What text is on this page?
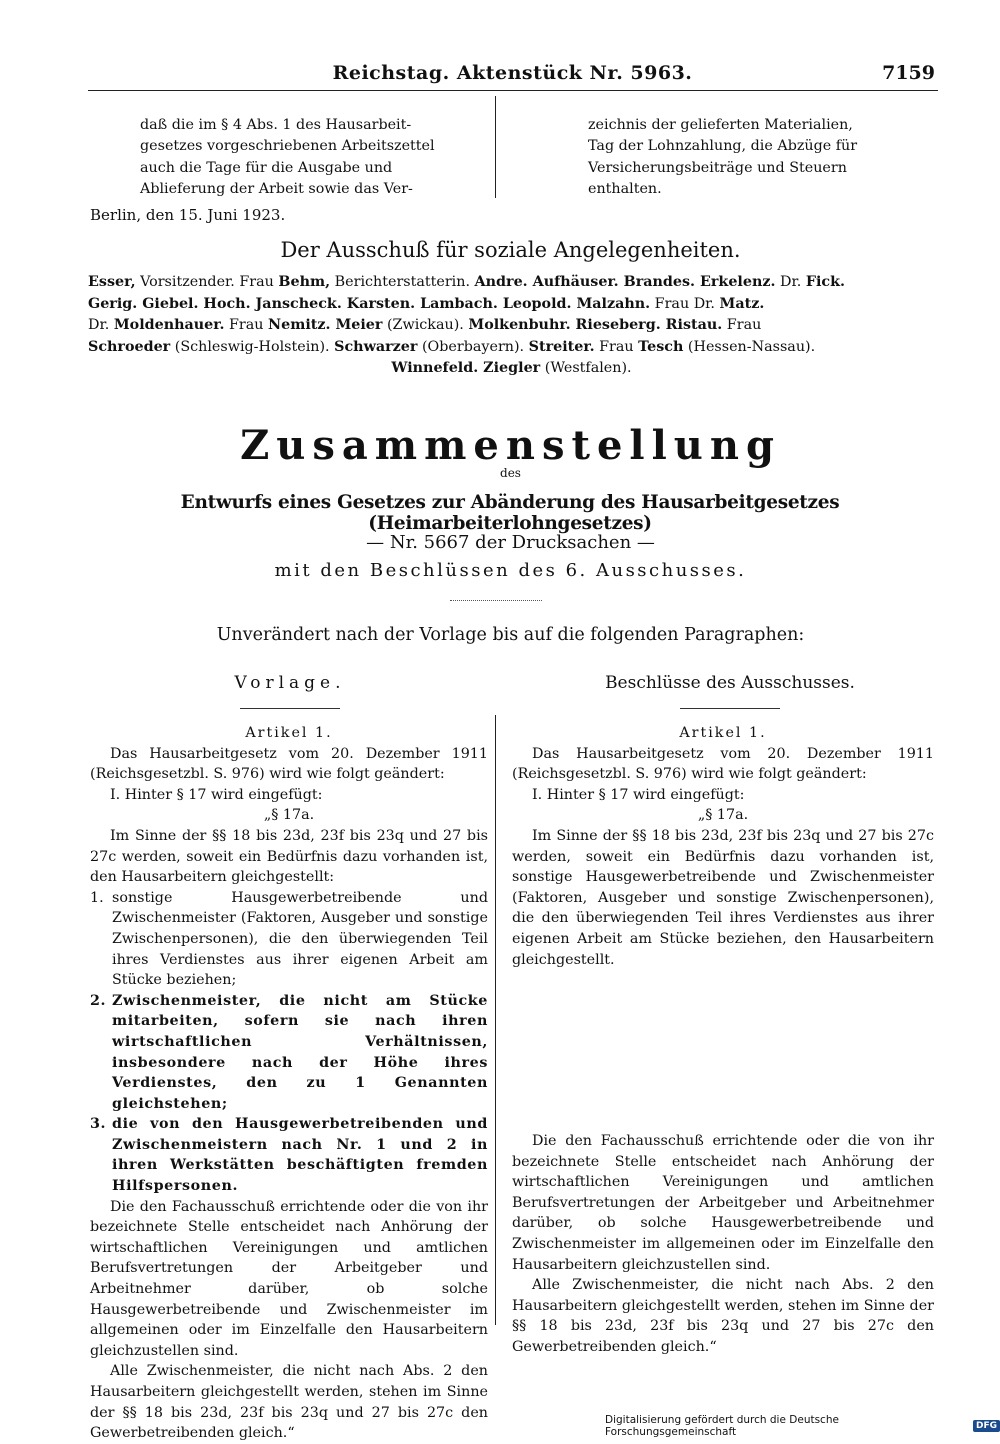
Reichstag. Aktenstück Nr. 5963.	7159

daß die im § 4 Abs. 1 des Hausarbeit-

gesetzes vorgeschriebenen Arbeitszettel

auch die Tage für die Ausgabe und

Ablieferung der Arbeit sowie das Ver-

zeichnis der gelieferten Materialien,

Tag der Lohnzahlung, die Abzüge für

Versicherungsbeiträge und Steuern

enthalten.

Berlin, den 15. Juni 1923.
Der Ausschuß für soziale Angelegenheiten.
Esser, Vorsitzender. Frau Behm, Berichterstatterin. Andre. Aufhäuser. Brandes. Erkelenz. Dr. Fick.
Gerig. Giebel. Hoch. Janscheck. Karsten. Lambach. Leopold. Malzahn. Frau Dr. Matz.
Dr. Moldenhauer. Frau Nemitz. Meier (Zwickau). Molkenbuhr. Rieseberg. Ristau. Frau
Schroeder (Schleswig-Holstein). Schwarzer (Oberbayern). Streiter. Frau Tesch (Hessen-Nassau).
Winnefeld. Ziegler (Westfalen).
Zusammenstellung
des
Entwurfs eines Gesetzes zur Abänderung des Hausarbeitgesetzes (Heimarbeiterlohngesetzes)
— Nr. 5667 der Drucksachen —
mit den Beschlüssen des 6. Ausschusses.
Unverändert nach der Vorlage bis auf die folgenden Paragraphen:
Vorlage.	Beschlüsse des Ausschusses.

Artikel 1.

Das Hausarbeitgesetz vom 20. Dezember 1911 (Reichsgesetzbl. S. 976) wird wie folgt geändert:

I. Hinter § 17 wird eingefügt:

„§ 17a.

Im Sinne der §§ 18 bis 23d, 23f bis 23q und 27 bis 27c werden, soweit ein Bedürfnis dazu vorhanden ist, den Hausarbeitern gleichgestellt:

1. sonstige Hausgewerbetreibende und Zwischenmeister (Faktoren, Ausgeber und sonstige Zwischenpersonen), die den überwiegenden Teil ihres Verdienstes aus ihrer eigenen Arbeit am Stücke beziehen;
2. Zwischenmeister, die nicht am Stücke mitarbeiten, sofern sie nach ihren wirtschaftlichen Verhältnissen, insbesondere nach der Höhe ihres Verdienstes, den zu 1 Genannten gleichstehen;
3. die von den Hausgewerbetreibenden und Zwischenmeistern nach Nr. 1 und 2 in ihren Werkstätten beschäftigten fremden Hilfspersonen.

Die den Fachausschuß errichtende oder die von ihr bezeichnete Stelle entscheidet nach Anhörung der wirtschaftlichen Vereinigungen und amtlichen Berufsvertretungen der Arbeitgeber und Arbeitnehmer darüber, ob solche Hausgewerbetreibende und Zwischenmeister im allgemeinen oder im Einzelfalle den Hausarbeitern gleichzustellen sind.

Alle Zwischenmeister, die nicht nach Abs. 2 den Hausarbeitern gleichgestellt werden, stehen im Sinne der §§ 18 bis 23d, 23f bis 23q und 27 bis 27c den Gewerbetreibenden gleich.“

Artikel 1.

Das Hausarbeitgesetz vom 20. Dezember 1911 (Reichsgesetzbl. S. 976) wird wie folgt geändert:

I. Hinter § 17 wird eingefügt:

„§ 17a.

Im Sinne der §§ 18 bis 23d, 23f bis 23q und 27 bis 27c werden, soweit ein Bedürfnis dazu vorhanden ist, sonstige Hausgewerbetreibende und Zwischenmeister (Faktoren, Ausgeber und sonstige Zwischenpersonen), die den überwiegenden Teil ihres Verdienstes aus ihrer eigenen Arbeit am Stücke beziehen, den Hausarbeitern gleichgestellt.

Die den Fachausschuß errichtende oder die von ihr bezeichnete Stelle entscheidet nach Anhörung der wirtschaftlichen Vereinigungen und amtlichen Berufsvertretungen der Arbeitgeber und Arbeitnehmer darüber, ob solche Hausgewerbetreibende und Zwischenmeister im allgemeinen oder im Einzelfalle den Hausarbeitern gleichzustellen sind.

Alle Zwischenmeister, die nicht nach Abs. 2 den Hausarbeitern gleichgestellt werden, stehen im Sinne der §§ 18 bis 23d, 23f bis 23q und 27 bis 27c den Gewerbetreibenden gleich.“

Digitalisierung gefördert durch die Deutsche Forschungsgemeinschaft	DFG
